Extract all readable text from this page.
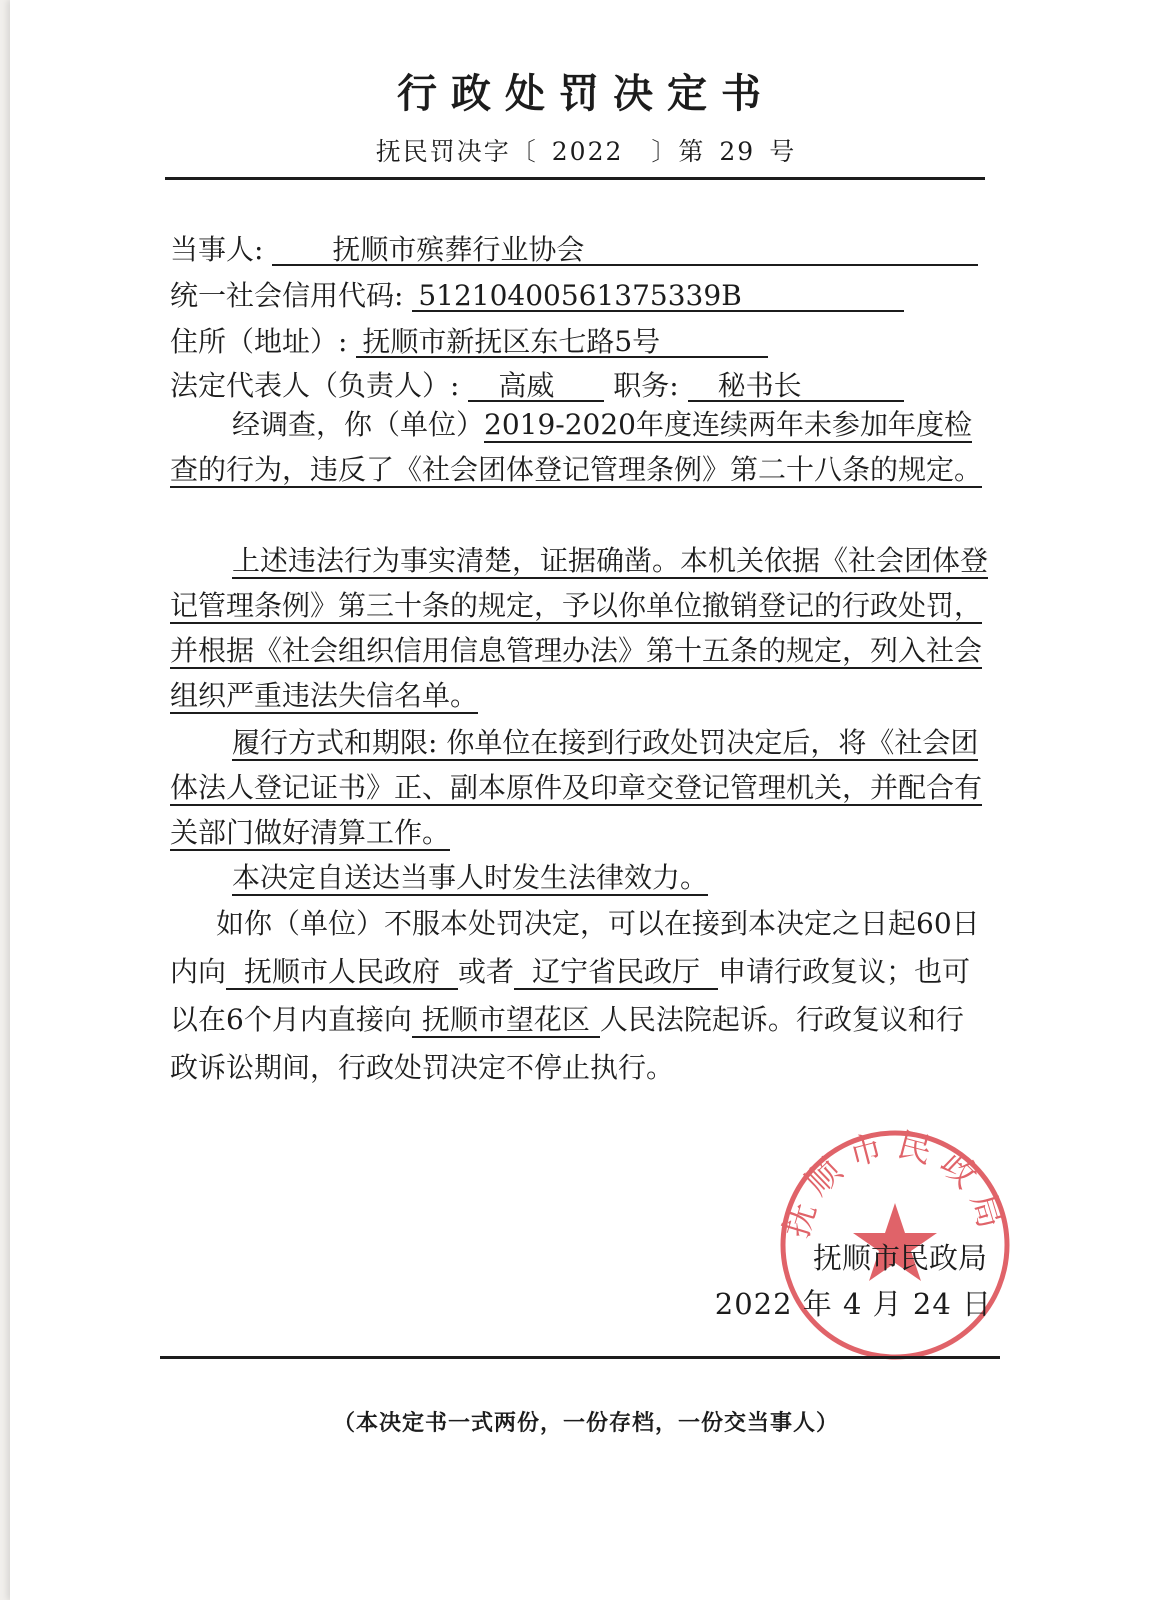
行政处罚决定书
抚民罚决字〔 2022 〕第 29 号
当事人: 抚顺市殡葬行业协会
统一社会信用代码: 51210400561375339B
住所（地址）: 抚顺市新抚区东七路5号
法定代表人（负责人）: 高威 职务: 秘书长
经调查，你（单位）2019-2020年度连续两年未参加年度检查的行为，违反了《社会团体登记管理条例》第二十八条的规定。
上述违法行为事实清楚，证据确凿。本机关依据《社会团体登记管理条例》第三十条的规定，予以你单位撤销登记的行政处罚，并根据《社会组织信用信息管理办法》第十五条的规定，列入社会组织严重违法失信名单。
履行方式和期限: 你单位在接到行政处罚决定后，将《社会团体法人登记证书》正、副本原件及印章交登记管理机关，并配合有关部门做好清算工作。
本决定自送达当事人时发生法律效力。
如你（单位）不服本处罚决定，可以在接到本决定之日起60日内向 抚顺市人民政府 或者 辽宁省民政厅 申请行政复议；也可以在6个月内直接向 抚顺市望花区 人民法院起诉。行政复议和行政诉讼期间，行政处罚决定不停止执行。
抚顺市民政局
抚顺市民政局
2022 年 4 月 24 日
（本决定书一式两份，一份存档，一份交当事人）
